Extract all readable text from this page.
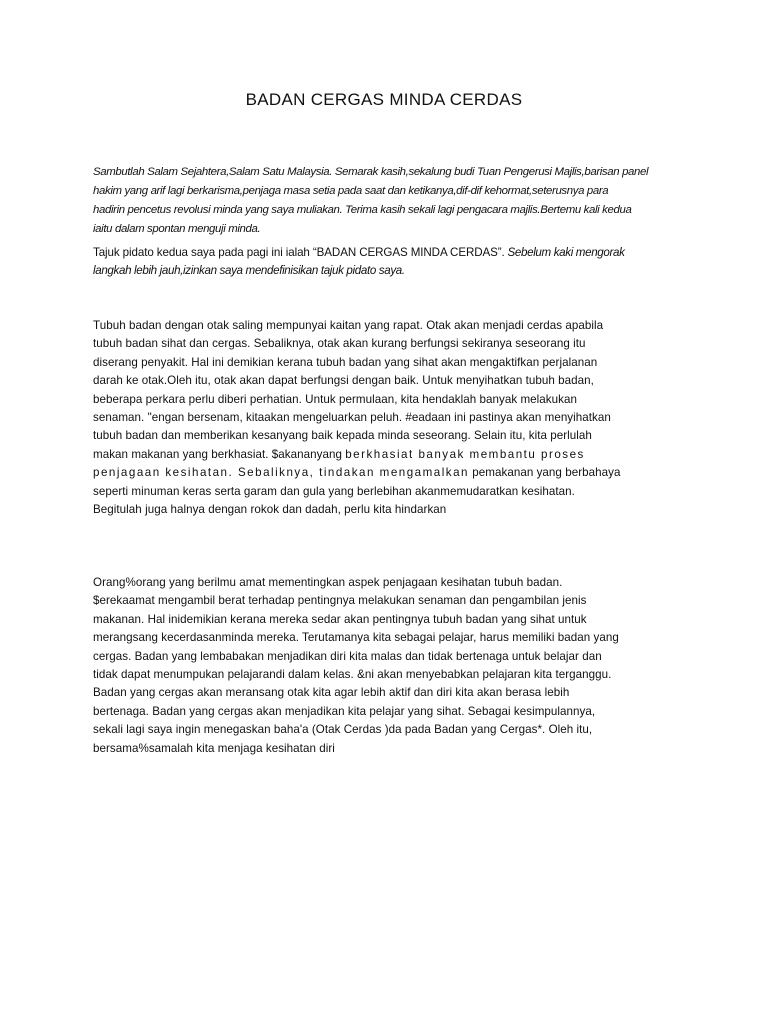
BADAN CERGAS MINDA CERDAS

Sambutlah Salam Sejahtera,Salam Satu Malaysia. Semarak kasih,sekalung budi Tuan Pengerusi Majlis,barisan panel
hakim yang arif lagi berkarisma,penjaga masa setia pada saat dan ketikanya,dif-dif kehormat,seterusnya para
hadirin pencetus revolusi minda yang saya muliakan. Terima kasih sekali lagi pengacara majlis.Bertemu kali kedua
iaitu dalam spontan menguji minda.

Tajuk pidato kedua saya pada pagi ini ialah “BADAN CERGAS MINDA CERDAS”. Sebelum kaki mengorak
langkah lebih jauh,izinkan saya mendefinisikan tajuk pidato saya.

Tubuh badan dengan otak saling mempunyai kaitan yang rapat. Otak akan menjadi cerdas apabila
tubuh badan sihat dan cergas. Sebaliknya, otak akan kurang berfungsi sekiranya seseorang itu
diserang penyakit. Hal ini demikian kerana tubuh badan yang sihat akan mengaktifkan perjalanan
darah ke otak.Oleh itu, otak akan dapat berfungsi dengan baik. Untuk menyihatkan tubuh badan,
beberapa perkara perlu diberi perhatian. Untuk permulaan, kita hendaklah banyak melakukan
senaman. "engan bersenam, kitaakan mengeluarkan peluh. #eadaan ini pastinya akan menyihatkan
tubuh badan dan memberikan kesanyang baik kepada minda seseorang. Selain itu, kita perlulah
makan makanan yang berkhasiat. $akananyang berkhasiat banyak membantu proses
penjagaan kesihatan. Sebaliknya, tindakan mengamalkan pemakanan yang berbahaya
seperti minuman keras serta garam dan gula yang berlebihan akanmemudaratkan kesihatan.
Begitulah juga halnya dengan rokok dan dadah, perlu kita hindarkan

Orang%orang yang berilmu amat mementingkan aspek penjagaan kesihatan tubuh badan.
$erekaamat mengambil berat terhadap pentingnya melakukan senaman dan pengambilan jenis
makanan. Hal inidemikian kerana mereka sedar akan pentingnya tubuh badan yang sihat untuk
merangsang kecerdasanminda mereka. Terutamanya kita sebagai pelajar, harus memiliki badan yang
cergas. Badan yang lembabakan menjadikan diri kita malas dan tidak bertenaga untuk belajar dan
tidak dapat menumpukan pelajarandi dalam kelas. &ni akan menyebabkan pelajaran kita terganggu.
Badan yang cergas akan meransang otak kita agar lebih aktif dan diri kita akan berasa lebih
bertenaga. Badan yang cergas akan menjadikan kita pelajar yang sihat. Sebagai kesimpulannya,
sekali lagi saya ingin menegaskan baha'a (Otak Cerdas )da pada Badan yang Cergas*. Oleh itu,
bersama%samalah kita menjaga kesihatan diri
